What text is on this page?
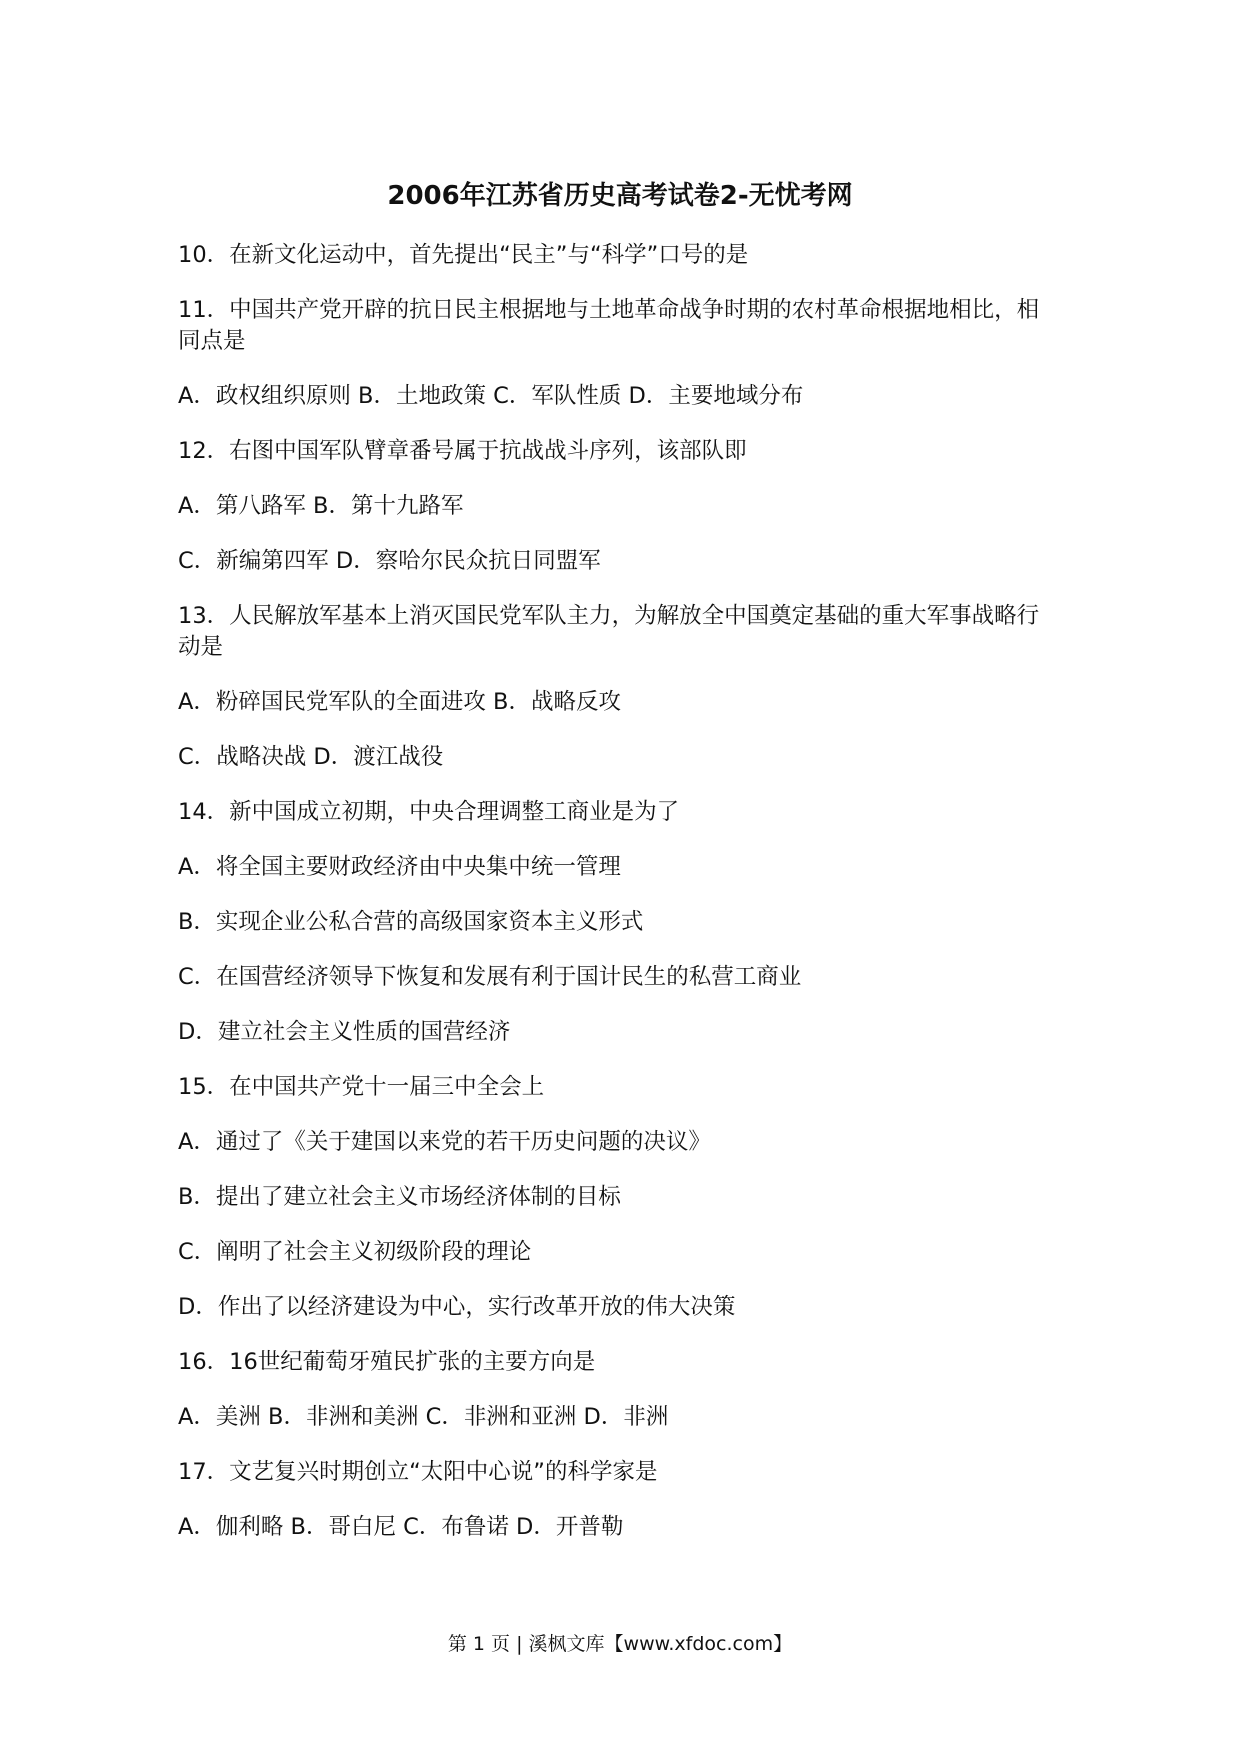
2006年江苏省历史高考试卷2-无忧考网

10．在新文化运动中，首先提出“民主”与“科学”口号的是

11．中国共产党开辟的抗日民主根据地与土地革命战争时期的农村革命根据地相比，相同点是

A．政权组织原则 B．土地政策 C．军队性质 D．主要地域分布

12．右图中国军队臂章番号属于抗战战斗序列，该部队即

A．第八路军 B．第十九路军

C．新编第四军 D．察哈尔民众抗日同盟军

13．人民解放军基本上消灭国民党军队主力，为解放全中国奠定基础的重大军事战略行动是

A．粉碎国民党军队的全面进攻 B．战略反攻

C．战略决战 D．渡江战役

14．新中国成立初期，中央合理调整工商业是为了

A．将全国主要财政经济由中央集中统一管理

B．实现企业公私合营的高级国家资本主义形式

C．在国营经济领导下恢复和发展有利于国计民生的私营工商业

D．建立社会主义性质的国营经济

15．在中国共产党十一届三中全会上

A．通过了《关于建国以来党的若干历史问题的决议》

B．提出了建立社会主义市场经济体制的目标

C．阐明了社会主义初级阶段的理论

D．作出了以经济建设为中心，实行改革开放的伟大决策

16．16世纪葡萄牙殖民扩张的主要方向是

A．美洲 B．非洲和美洲 C．非洲和亚洲 D．非洲

17．文艺复兴时期创立“太阳中心说”的科学家是

A．伽利略 B．哥白尼 C．布鲁诺 D．开普勒

第 1 页 | 溪枫文库【www.xfdoc.com】
